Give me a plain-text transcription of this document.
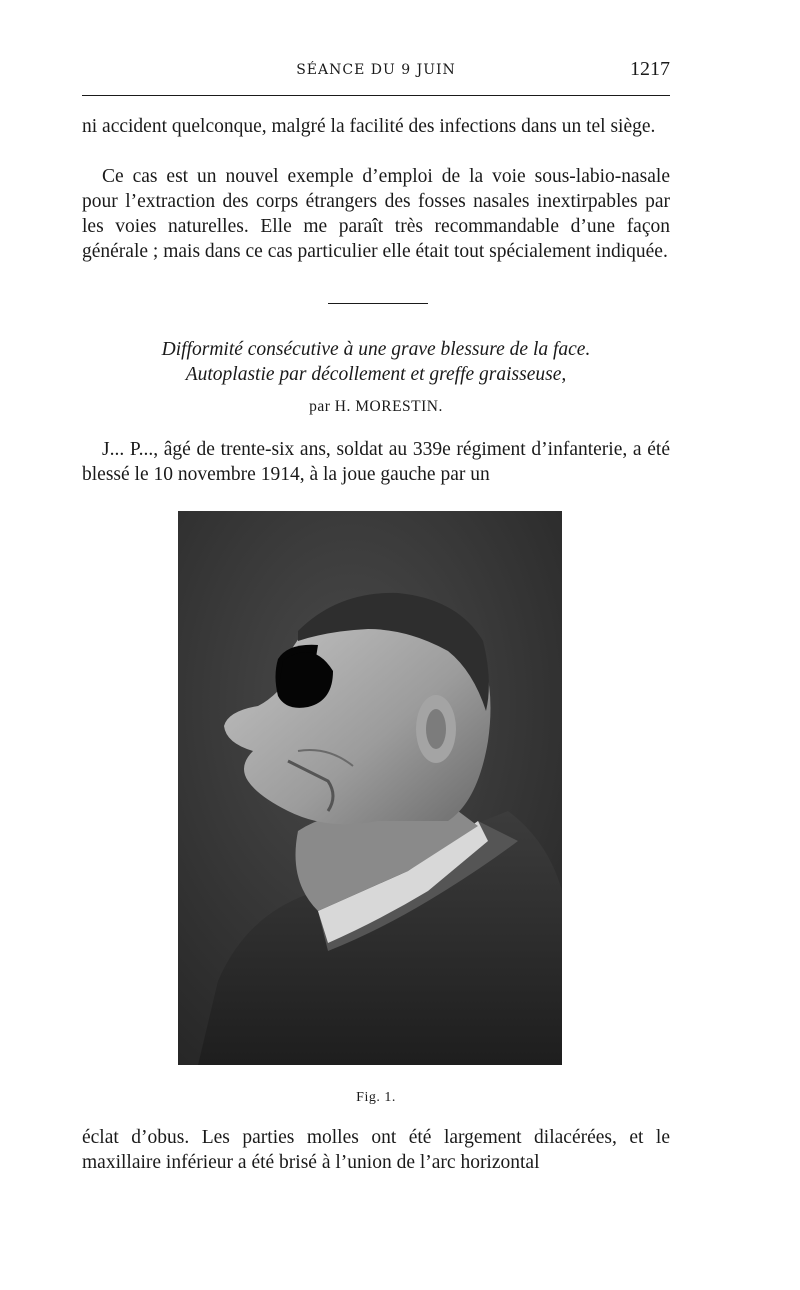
SÉANCE DU 9 JUIN	1217

ni accident quelconque, malgré la facilité des infections dans un tel siège.

Ce cas est un nouvel exemple d’emploi de la voie sous-labio-nasale pour l’extraction des corps étrangers des fosses nasales inextirpables par les voies naturelles. Elle me paraît très recommandable d’une façon générale ; mais dans ce cas particulier elle était tout spécialement indiquée.

Difformité consécutive à une grave blessure de la face.
Autoplastie par décollement et greffe graisseuse,
par H. MORESTIN.

J... P..., âgé de trente-six ans, soldat au 339e régiment d’infanterie, a été blessé le 10 novembre 1914, à la joue gauche par un

Fig. 1.

éclat d’obus. Les parties molles ont été largement dilacérées, et le maxillaire inférieur a été brisé à l’union de l’arc horizontal
